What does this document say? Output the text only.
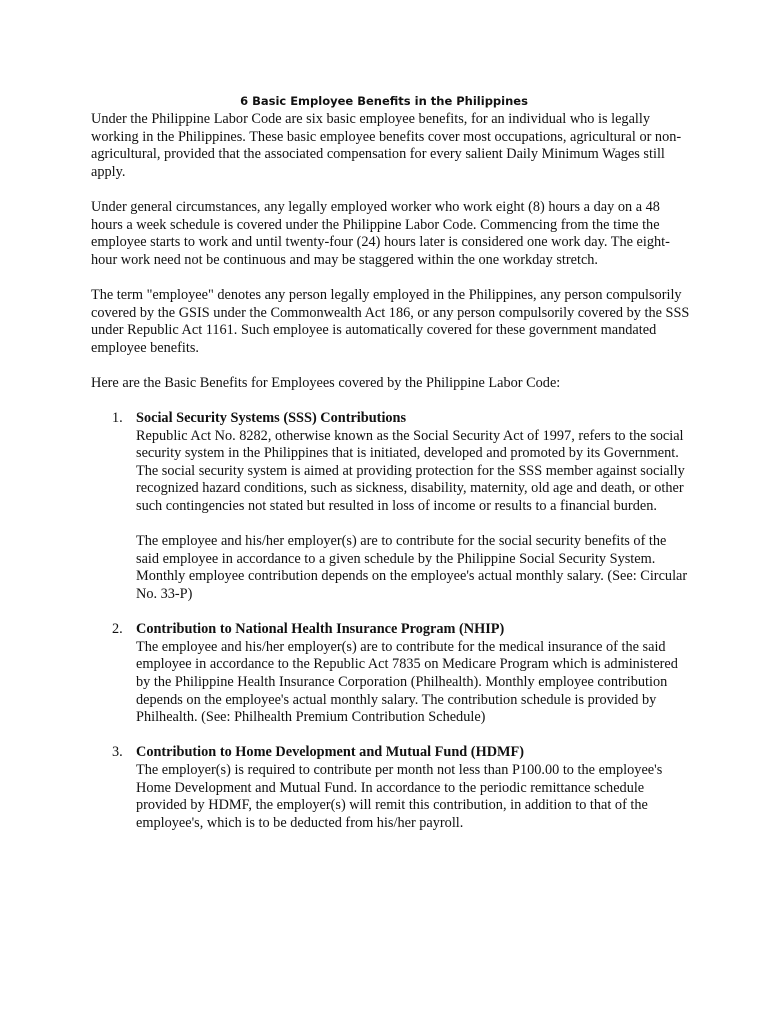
6 Basic Employee Benefits in the Philippines

Under the Philippine Labor Code are six basic employee benefits, for an individual who is legally working in the Philippines. These basic employee benefits cover most occupations, agricultural or non-agricultural, provided that the associated compensation for every salient Daily Minimum Wages still apply.

Under general circumstances, any legally employed worker who work eight (8) hours a day on a 48 hours a week schedule is covered under the Philippine Labor Code. Commencing from the time the employee starts to work and until twenty-four (24) hours later is considered one work day. The eight-hour work need not be continuous and may be staggered within the one workday stretch.

The term "employee" denotes any person legally employed in the Philippines, any person compulsorily covered by the GSIS under the Commonwealth Act 186, or any person compulsorily covered by the SSS under Republic Act 1161. Such employee is automatically covered for these government mandated employee benefits.

Here are the Basic Benefits for Employees covered by the Philippine Labor Code:

1. Social Security Systems (SSS) Contributions

Republic Act No. 8282, otherwise known as the Social Security Act of 1997, refers to the social security system in the Philippines that is initiated, developed and promoted by its Government. The social security system is aimed at providing protection for the SSS member against socially recognized hazard conditions, such as sickness, disability, maternity, old age and death, or other such contingencies not stated but resulted in loss of income or results to a financial burden.

The employee and his/her employer(s) are to contribute for the social security benefits of the said employee in accordance to a given schedule by the Philippine Social Security System. Monthly employee contribution depends on the employee's actual monthly salary. (See: Circular No. 33-P)

2. Contribution to National Health Insurance Program (NHIP)

The employee and his/her employer(s) are to contribute for the medical insurance of the said employee in accordance to the Republic Act 7835 on Medicare Program which is administered by the Philippine Health Insurance Corporation (Philhealth). Monthly employee contribution depends on the employee's actual monthly salary. The contribution schedule is provided by Philhealth. (See: Philhealth Premium Contribution Schedule)

3. Contribution to Home Development and Mutual Fund (HDMF)

The employer(s) is required to contribute per month not less than P100.00 to the employee's Home Development and Mutual Fund. In accordance to the periodic remittance schedule provided by HDMF, the employer(s) will remit this contribution, in addition to that of the employee's, which is to be deducted from his/her payroll.
